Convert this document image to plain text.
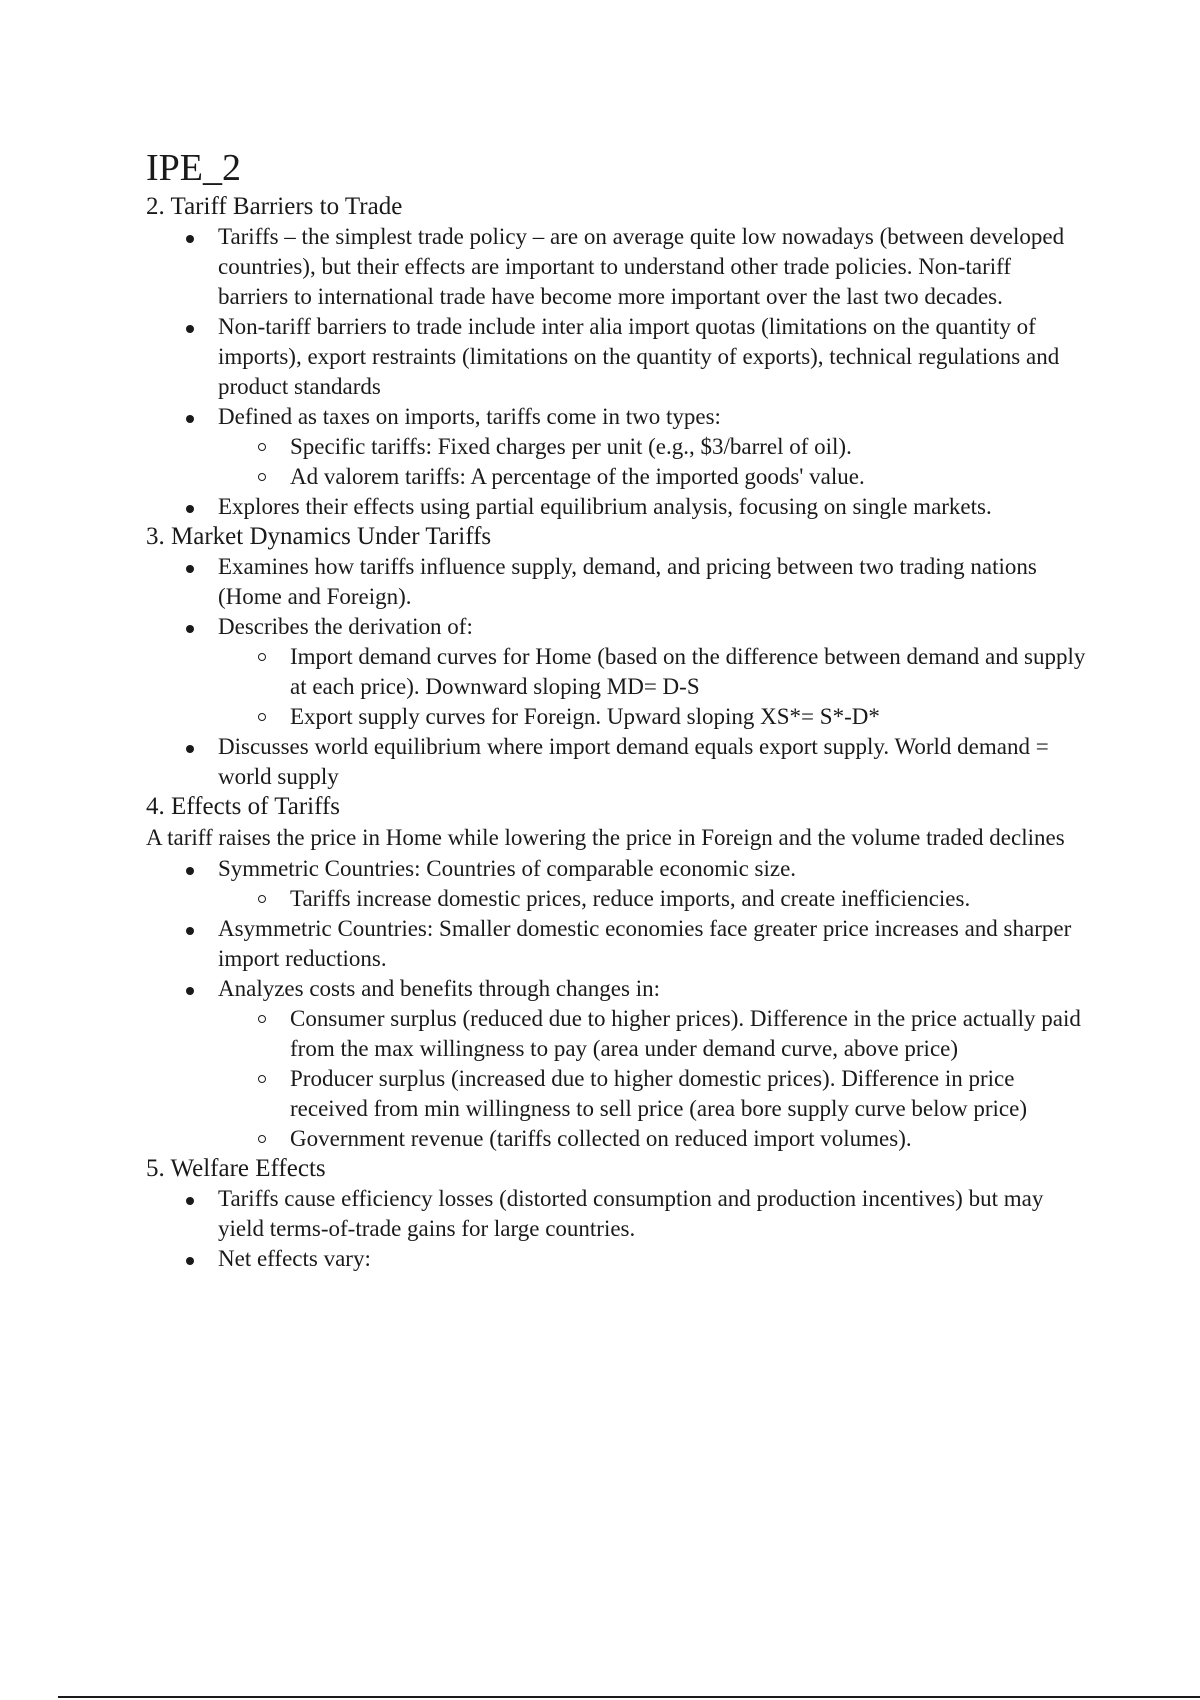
IPE_2
2. Tariff Barriers to Trade
Tariffs – the simplest trade policy – are on average quite low nowadays (between developed countries), but their effects are important to understand other trade policies. Non-tariff barriers to international trade have become more important over the last two decades.
Non-tariff barriers to trade include inter alia import quotas (limitations on the quantity of imports), export restraints (limitations on the quantity of exports), technical regulations and product standards
Defined as taxes on imports, tariffs come in two types:
Specific tariffs: Fixed charges per unit (e.g., $3/barrel of oil).
Ad valorem tariffs: A percentage of the imported goods' value.
Explores their effects using partial equilibrium analysis, focusing on single markets.
3. Market Dynamics Under Tariffs
Examines how tariffs influence supply, demand, and pricing between two trading nations (Home and Foreign).
Describes the derivation of:
Import demand curves for Home (based on the difference between demand and supply at each price). Downward sloping MD= D-S
Export supply curves for Foreign. Upward sloping XS*= S*-D*
Discusses world equilibrium where import demand equals export supply. World demand = world supply
4. Effects of Tariffs

A tariff raises the price in Home while lowering the price in Foreign and the volume traded declines

Symmetric Countries: Countries of comparable economic size.
Tariffs increase domestic prices, reduce imports, and create inefficiencies.
Asymmetric Countries: Smaller domestic economies face greater price increases and sharper import reductions.
Analyzes costs and benefits through changes in:
Consumer surplus (reduced due to higher prices). Difference in the price actually paid from the max willingness to pay (area under demand curve, above price)
Producer surplus (increased due to higher domestic prices). Difference in price received from min willingness to sell price (area bore supply curve below price)
Government revenue (tariffs collected on reduced import volumes).
5. Welfare Effects
Tariffs cause efficiency losses (distorted consumption and production incentives) but may yield terms-of-trade gains for large countries.
Net effects vary:
